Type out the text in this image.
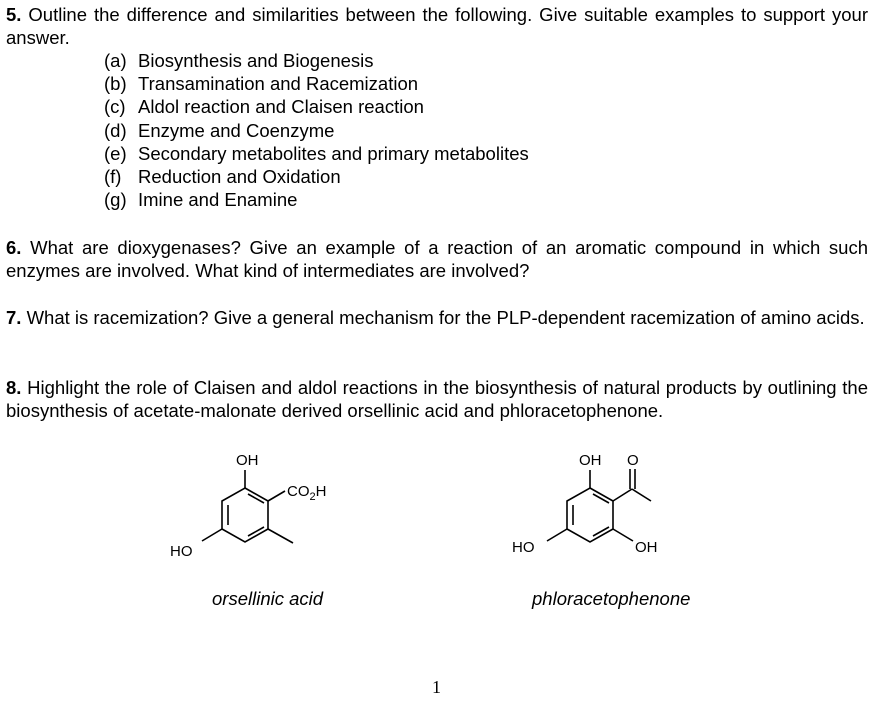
5. Outline the difference and similarities between the following. Give suitable examples to support your answer.
(a) Biosynthesis and Biogenesis
(b) Transamination and Racemization
(c) Aldol reaction and Claisen reaction
(d) Enzyme and Coenzyme
(e) Secondary metabolites and primary metabolites
(f) Reduction and Oxidation
(g) Imine and Enamine
6. What are dioxygenases? Give an example of a reaction of an aromatic compound in which such enzymes are involved. What kind of intermediates are involved?
7. What is racemization? Give a general mechanism for the PLP-dependent racemization of amino acids.
8. Highlight the role of Claisen and aldol reactions in the biosynthesis of natural products by outlining the biosynthesis of acetate-malonate derived orsellinic acid and phloracetophenone.
OH
$CO_2H$
HO
orsellinic acid
OH O
HO	OH
phloracetophenone
1
